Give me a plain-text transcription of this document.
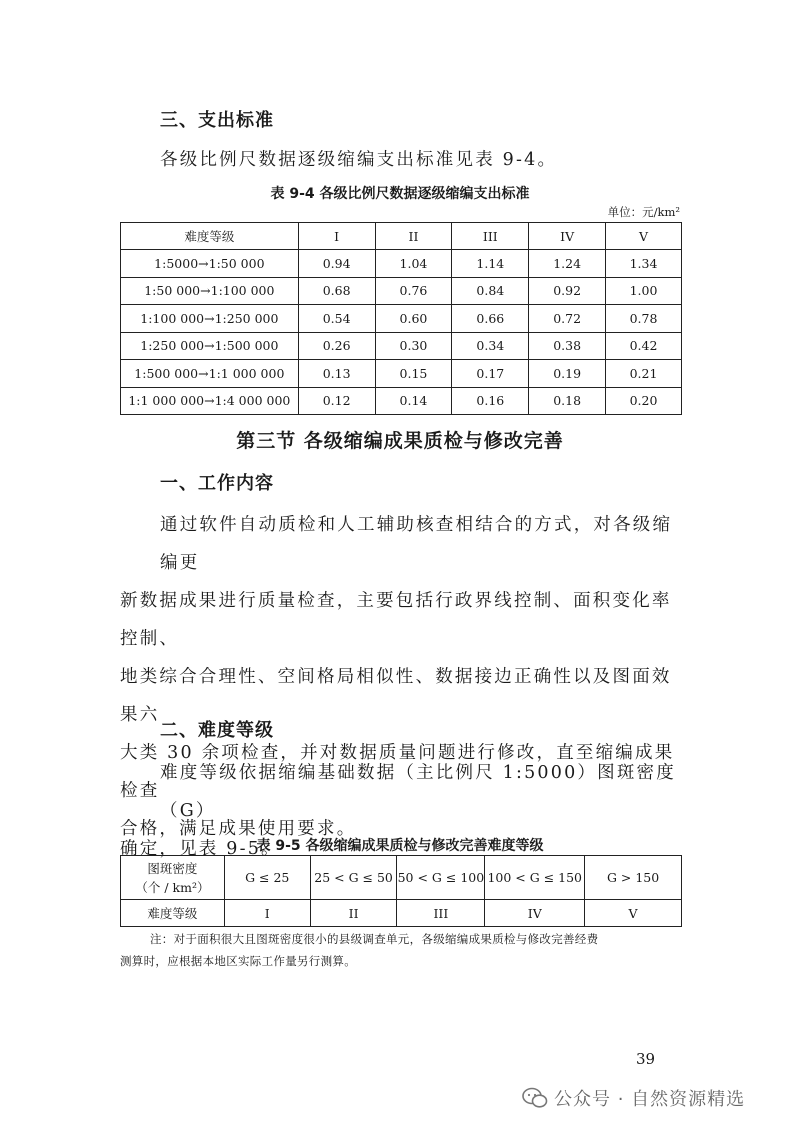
三、支出标准
各级比例尺数据逐级缩编支出标准见表 9-4。
表 9-4 各级比例尺数据逐级缩编支出标准
单位：元/km²
难度等级	I	II	III	IV	V
1:5000→1:50 000	0.94	1.04	1.14	1.24	1.34
1:50 000→1:100 000	0.68	0.76	0.84	0.92	1.00
1:100 000→1:250 000	0.54	0.60	0.66	0.72	0.78
1:250 000→1:500 000	0.26	0.30	0.34	0.38	0.42
1:500 000→1:1 000 000	0.13	0.15	0.17	0.19	0.21
1:1 000 000→1:4 000 000	0.12	0.14	0.16	0.18	0.20
第三节 各级缩编成果质检与修改完善
一、工作内容
通过软件自动质检和人工辅助核查相结合的方式，对各级缩编更
新数据成果进行质量检查，主要包括行政界线控制、面积变化率控制、
地类综合合理性、空间格局相似性、数据接边正确性以及图面效果六
大类 30 余项检查，并对数据质量问题进行修改，直至缩编成果检查
合格，满足成果使用要求。
二、难度等级
难度等级依据缩编基础数据（主比例尺 1:5000）图斑密度（G）
确定，见表 9-5。
表 9-5 各级缩编成果质检与修改完善难度等级
图斑密度
（个 / km²）	G ≤ 25	25 < G ≤ 50	50 < G ≤ 100	100 < G ≤ 150	G > 150
难度等级	I	II	III	IV	V
注：对于面积很大且图斑密度很小的县级调查单元，各级缩编成果质检与修改完善经费
测算时，应根据本地区实际工作量另行测算。
39
公众号 · 自然资源精选
